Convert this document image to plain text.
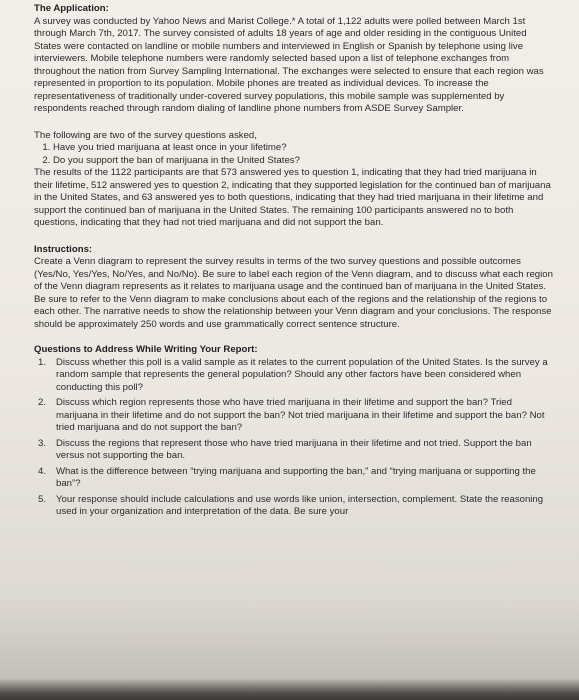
The Application:

A survey was conducted by Yahoo News and Marist College.* A total of 1,122 adults were polled between March 1st through March 7th, 2017. The survey consisted of adults 18 years of age and older residing in the contiguous United States were contacted on landline or mobile numbers and interviewed in English or Spanish by telephone using live interviewers. Mobile telephone numbers were randomly selected based upon a list of telephone exchanges from throughout the nation from Survey Sampling International. The exchanges were selected to ensure that each region was represented in proportion to its population. Mobile phones are treated as individual devices. To increase the representativeness of traditionally under-covered survey populations, this mobile sample was supplemented by respondents reached through random dialing of landline phone numbers from ASDE Survey Sampler.

The following are two of the survey questions asked,

1. Have you tried marijuana at least once in your lifetime?
2. Do you support the ban of marijuana in the United States?

The results of the 1122 participants are that 573 answered yes to question 1, indicating that they had tried marijuana in their lifetime, 512 answered yes to question 2, indicating that they supported legislation for the continued ban of marijuana in the United States, and 63 answered yes to both questions, indicating that they had tried marijuana in their lifetime and support the continued ban of marijuana in the United States. The remaining 100 participants answered no to both questions, indicating that they had not tried marijuana and did not support the ban.

Instructions:

Create a Venn diagram to represent the survey results in terms of the two survey questions and possible outcomes (Yes/No, Yes/Yes, No/Yes, and No/No). Be sure to label each region of the Venn diagram, and to discuss what each region of the Venn diagram represents as it relates to marijuana usage and the continued ban of marijuana in the United States. Be sure to refer to the Venn diagram to make conclusions about each of the regions and the relationship of the regions to each other. The narrative needs to show the relationship between your Venn diagram and your conclusions. The response should be approximately 250 words and use grammatically correct sentence structure.

Questions to Address While Writing Your Report:

1.	Discuss whether this poll is a valid sample as it relates to the current population of the United States. Is the survey a random sample that represents the general population? Should any other factors have been considered when conducting this poll?
2.	Discuss which region represents those who have tried marijuana in their lifetime and support the ban? Tried marijuana in their lifetime and do not support the ban? Not tried marijuana in their lifetime and support the ban? Not tried marijuana and do not support the ban?
3.	Discuss the regions that represent those who have tried marijuana in their lifetime and not tried. Support the ban versus not supporting the ban.
4.	What is the difference between “trying marijuana and supporting the ban,” and “trying marijuana or supporting the ban”?
5.	Your response should include calculations and use words like union, intersection, complement. State the reasoning used in your organization and interpretation of the data. Be sure your
